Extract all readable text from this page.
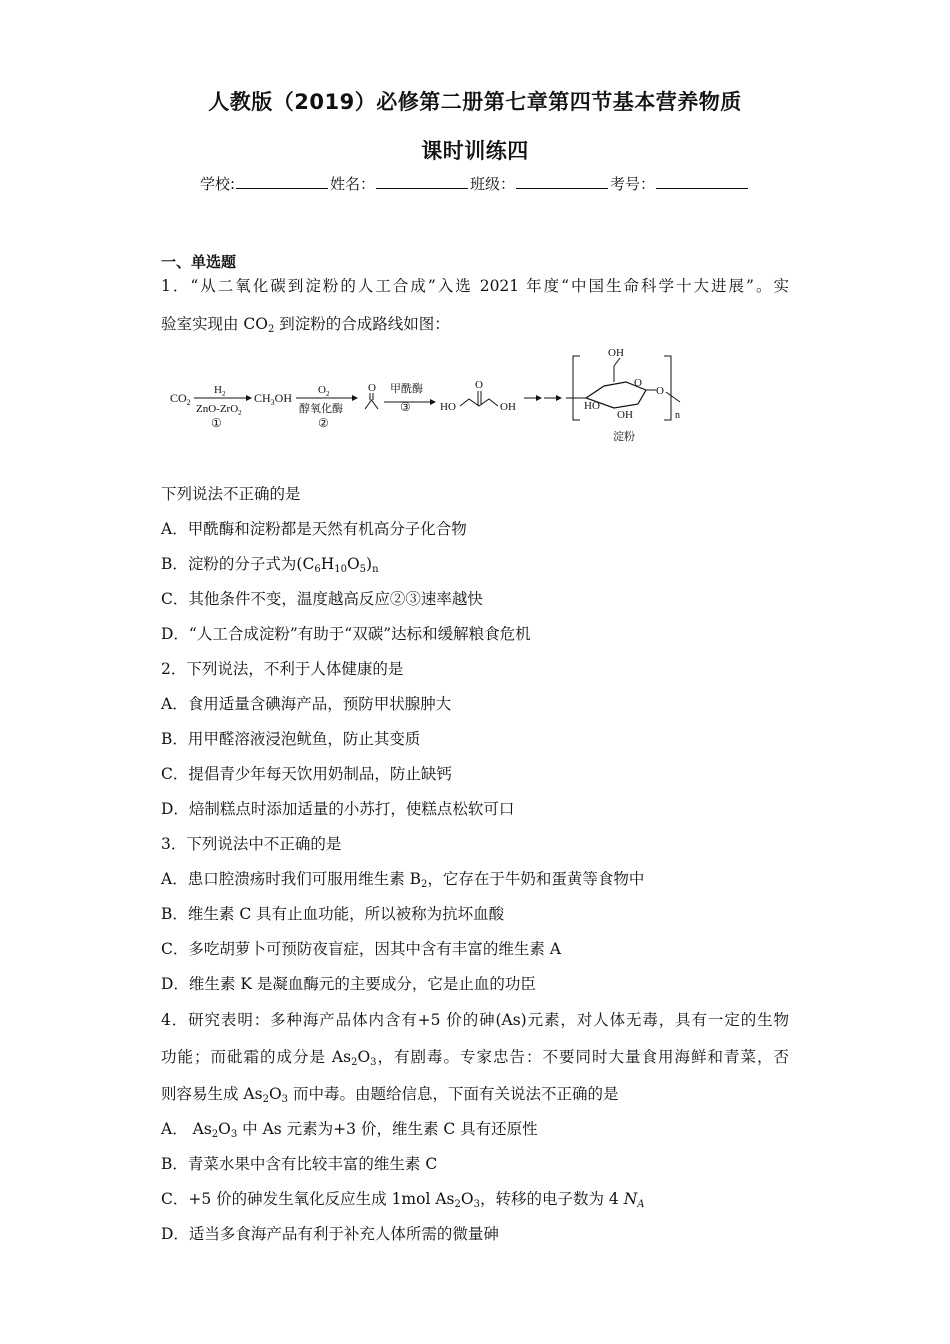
人教版（2019）必修第二册第七章第四节基本营养物质
课时训练四
学校:	姓名：	班级：	考号：
一、单选题
1．“从二氧化碳到淀粉的人工合成”入选 2021 年度“中国生命科学十大进展”。实
验室实现由 $CO_2$ 到淀粉的合成路线如图：
$CO_2$
$H_2$
ZnO-ZrO$_2$
①
$CH_3OH$
$O_2$
醇氧化酶
②
O 甲酰酶
③	HO
O
OH
OH
O
HO
OH
O
n
淀粉
下列说法不正确的是
A．甲酰酶和淀粉都是天然有机高分子化合物
B．淀粉的分子式为$(C_6H_{10}O_5)_n$
C．其他条件不变，温度越高反应②③速率越快
D．“人工合成淀粉”有助于“双碳”达标和缓解粮食危机
2．下列说法，不利于人体健康的是
A．食用适量含碘海产品，预防甲状腺肿大
B．用甲醛溶液浸泡鱿鱼，防止其变质
C．提倡青少年每天饮用奶制品，防止缺钙
D．焙制糕点时添加适量的小苏打，使糕点松软可口
3．下列说法中不正确的是
A．患口腔溃疡时我们可服用维生素 $B_2$，它存在于牛奶和蛋黄等食物中
B．维生素 C 具有止血功能，所以被称为抗坏血酸
C．多吃胡萝卜可预防夜盲症，因其中含有丰富的维生素 A
D．维生素 K 是凝血酶元的主要成分，它是止血的功臣
4．研究表明：多种海产品体内含有+5 价的砷(As)元素，对人体无毒，具有一定的生物
功能；而砒霜的成分是 $As_2O_3$，有剧毒。专家忠告：不要同时大量食用海鲜和青菜，否
则容易生成 $As_2O_3$ 而中毒。由题给信息，下面有关说法不正确的是
A． $As_2O_3$ 中 As 元素为+3 价，维生素 C 具有还原性
B．青菜水果中含有比较丰富的维生素 C
C．+5 价的砷发生氧化反应生成 1mol $As_2O_3$，转移的电子数为 4 $N_A$
D．适当多食海产品有利于补充人体所需的微量砷
